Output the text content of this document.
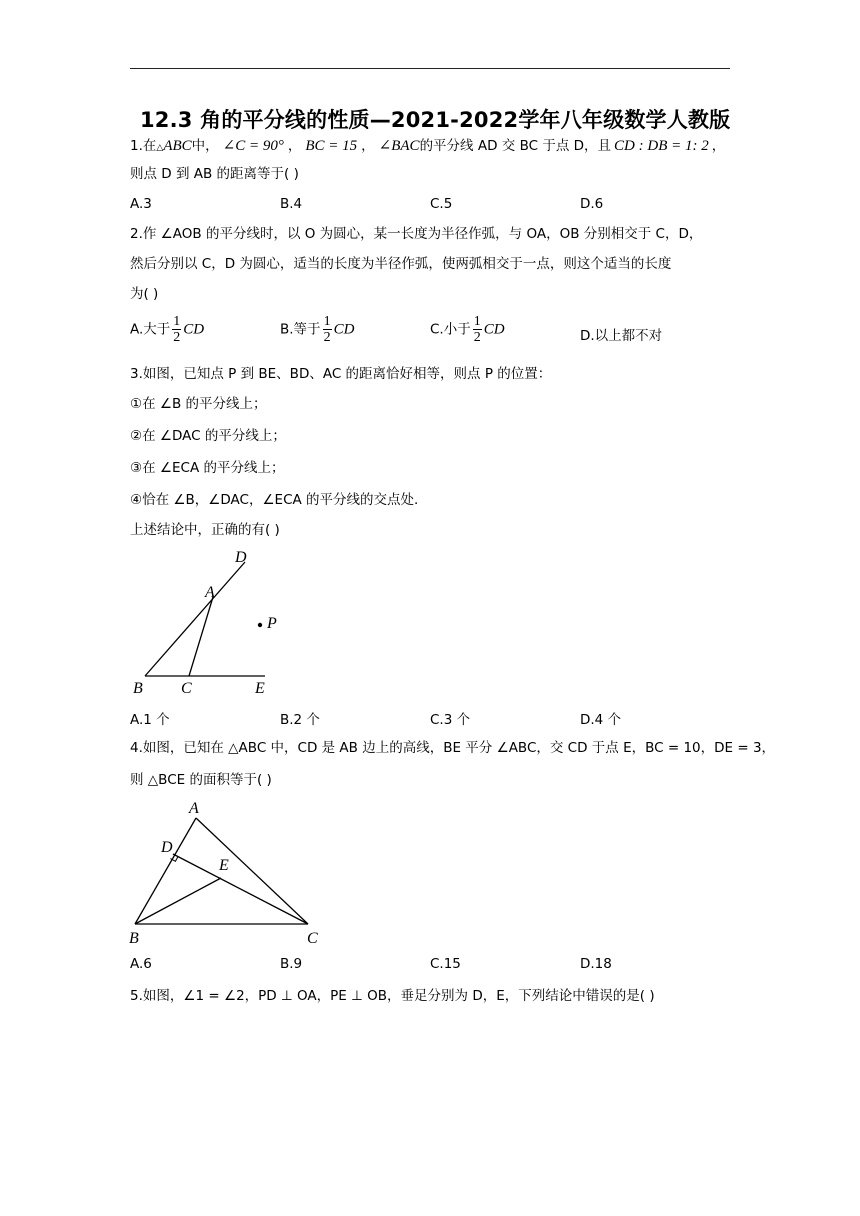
12.3 角的平分线的性质—2021-2022学年八年级数学人教版
1.在△ABC中， ∠C = 90° ， BC = 15 ， ∠BAC的平分线 AD 交 BC 于点 D，且 CD : DB = 1: 2 ，
则点 D 到 AB 的距离等于( )
A.3	B.4	C.5	D.6
2.作 ∠AOB 的平分线时，以 O 为圆心，某一长度为半径作弧，与 OA，OB 分别相交于 C，D，
然后分别以 C，D 为圆心，适当的长度为半径作弧，使两弧相交于一点，则这个适当的长度
为( )
A.大于 $\frac{1}{2}$ CD	B.等于 $\frac{1}{2}$ CD	C.小于 $\frac{1}{2}$ CD	D.以上都不对
3.如图，已知点 P 到 BE、BD、AC 的距离恰好相等，则点 P 的位置：
①在 ∠B 的平分线上；
②在 ∠DAC 的平分线上；
③在 ∠ECA 的平分线上；
④恰在 ∠B，∠DAC，∠ECA 的平分线的交点处.
上述结论中，正确的有( )
D
A
P
B C	E
A.1 个	B.2 个	C.3 个	D.4 个
4.如图，已知在 △ABC 中，CD 是 AB 边上的高线，BE 平分 ∠ABC，交 CD 于点 E，BC = 10，DE = 3，
则 △BCE 的面积等于( )
A
D
E
B	C
A.6	B.9	C.15	D.18
5.如图，∠1 = ∠2，PD ⊥ OA，PE ⊥ OB，垂足分别为 D，E，下列结论中错误的是( )
